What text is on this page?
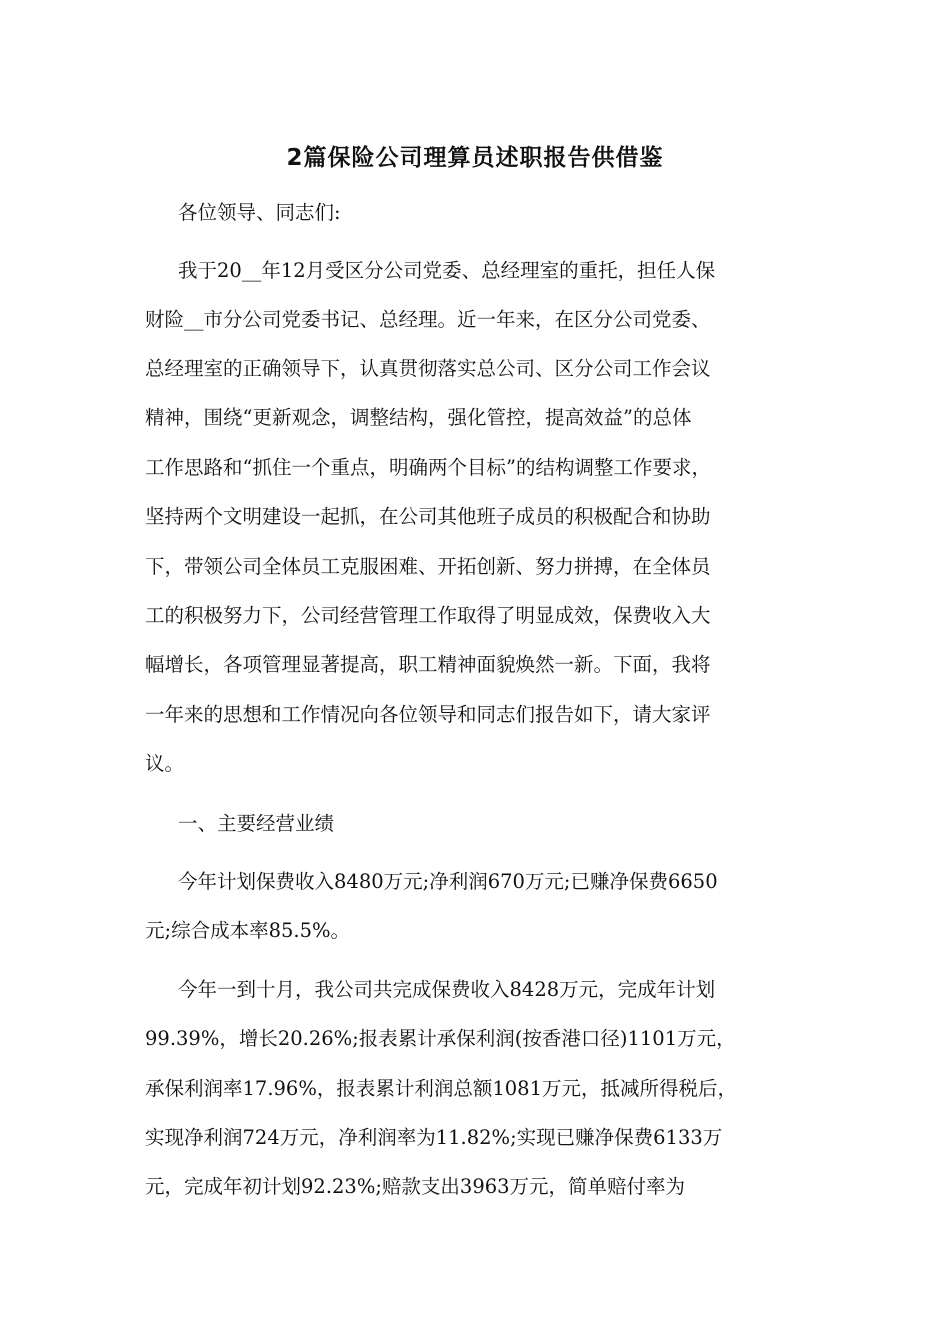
2篇保险公司理算员述职报告供借鉴

各位领导、同志们:

我于20__年12月受区分公司党委、总经理室的重托，担任人保

财险__市分公司党委书记、总经理。近一年来，在区分公司党委、

总经理室的正确领导下，认真贯彻落实总公司、区分公司工作会议

精神，围绕“更新观念，调整结构，强化管控，提高效益”的总体

工作思路和“抓住一个重点，明确两个目标”的结构调整工作要求，

坚持两个文明建设一起抓，在公司其他班子成员的积极配合和协助

下，带领公司全体员工克服困难、开拓创新、努力拼搏，在全体员

工的积极努力下，公司经营管理工作取得了明显成效，保费收入大

幅增长，各项管理显著提高，职工精神面貌焕然一新。下面，我将

一年来的思想和工作情况向各位领导和同志们报告如下，请大家评

议。

一、主要经营业绩

今年计划保费收入8480万元;净利润670万元;已赚净保费6650

元;综合成本率85.5%。

今年一到十月，我公司共完成保费收入8428万元，完成年计划

99.39%，增长20.26%;报表累计承保利润(按香港口径)1101万元，

承保利润率17.96%，报表累计利润总额1081万元，抵减所得税后，

实现净利润724万元，净利润率为11.82%;实现已赚净保费6133万

元，完成年初计划92.23%;赔款支出3963万元，简单赔付率为
